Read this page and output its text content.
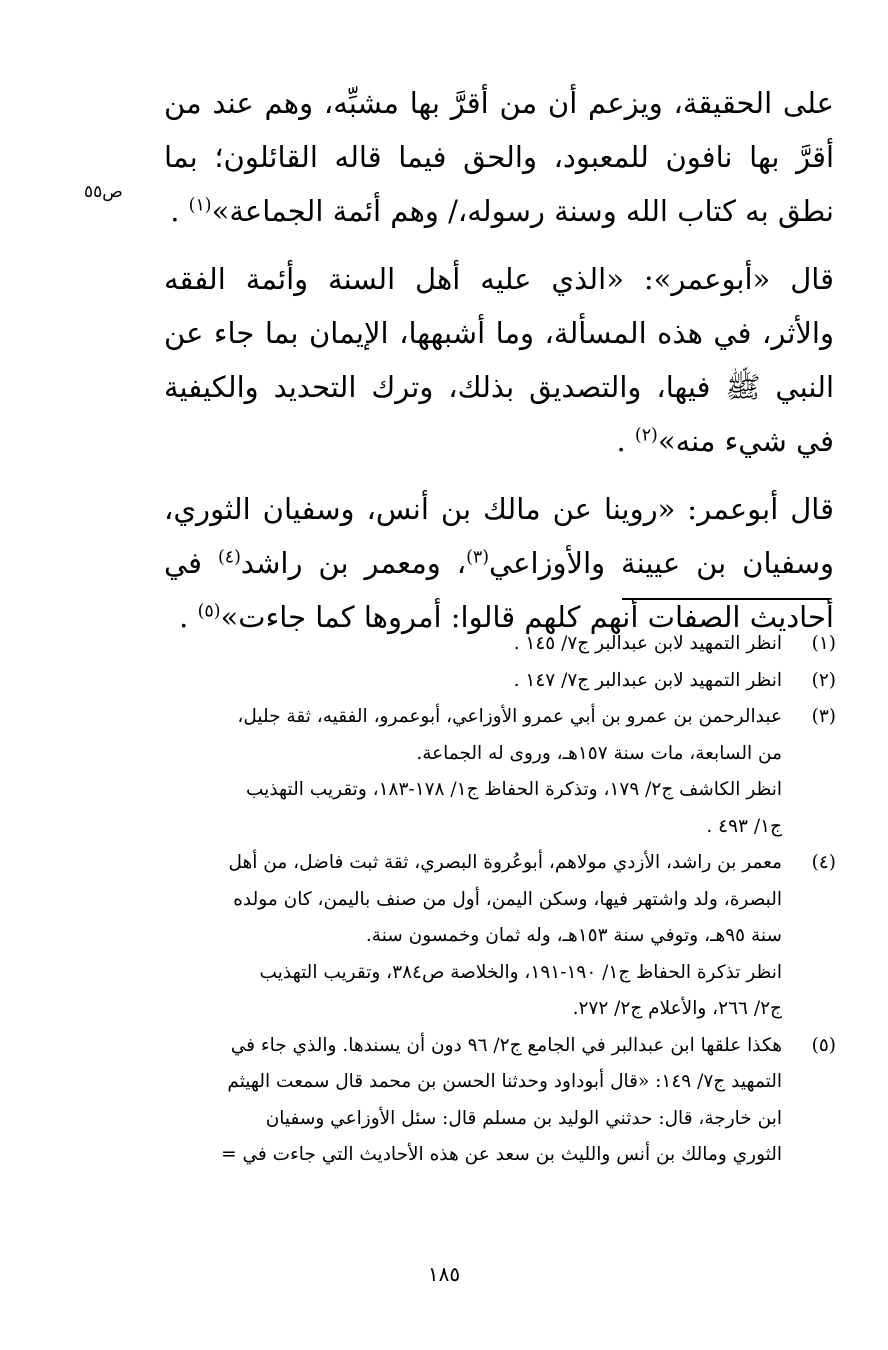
ص٥٥

على الحقيقة، ويزعم أن من أقرَّ بها مشبِّه، وهم عند من أقرَّ بها نافون للمعبود، والحق فيما قاله القائلون؛ بما نطق به كتاب الله وسنة رسوله،/ وهم أئمة الجماعة»$^{(١)}$ .

قال «أبوعمر»: «الذي عليه أهل السنة وأئمة الفقه والأثر، في هذه المسألة، وما أشبهها، الإيمان بما جاء عن النبي ﷺ فيها، والتصديق بذلك، وترك التحديد والكيفية في شيء منه»$^{(٢)}$ .

قال أبوعمر: «روينا عن مالك بن أنس، وسفيان الثوري، وسفيان بن عيينة والأوزاعي$^{(٣)}$، ومعمر بن راشد$^{(٤)}$ في أحاديث الصفات أنهم كلهم قالوا: أمروها كما جاءت»$^{(٥)}$ .

(١)
انظر التمهيد لابن عبدالبر ج٧/ ١٤٥ .
(٢)
انظر التمهيد لابن عبدالبر ج٧/ ١٤٧ .
(٣)
عبدالرحمن بن عمرو بن أبي عمرو الأوزاعي، أبوعمرو، الفقيه، ثقة جليل،
من السابعة، مات سنة ١٥٧هـ، وروى له الجماعة.
انظر الكاشف ج٢/ ١٧٩، وتذكرة الحفاظ ج١/ ١٧٨-١٨٣، وتقريب التهذيب
ج١/ ٤٩٣ .
(٤)
معمر بن راشد، الأزدي مولاهم، أبوعُروة البصري، ثقة ثبت فاضل، من أهل
البصرة، ولد واشتهر فيها، وسكن اليمن، أول من صنف باليمن، كان مولده
سنة ٩٥هـ، وتوفي سنة ١٥٣هـ، وله ثمان وخمسون سنة.
انظر تذكرة الحفاظ ج١/ ١٩٠-١٩١، والخلاصة ص٣٨٤، وتقريب التهذيب
ج٢/ ٢٦٦، والأعلام ج٢/ ٢٧٢.
(٥)
هكذا علقها ابن عبدالبر في الجامع ج٢/ ٩٦ دون أن يسندها. والذي جاء في
التمهيد ج٧/ ١٤٩: «قال أبوداود وحدثنا الحسن بن محمد قال سمعت الهيثم
ابن خارجة، قال: حدثني الوليد بن مسلم قال: سئل الأوزاعي وسفيان
الثوري ومالك بن أنس والليث بن سعد عن هذه الأحاديث التي جاءت في =
١٨٥
